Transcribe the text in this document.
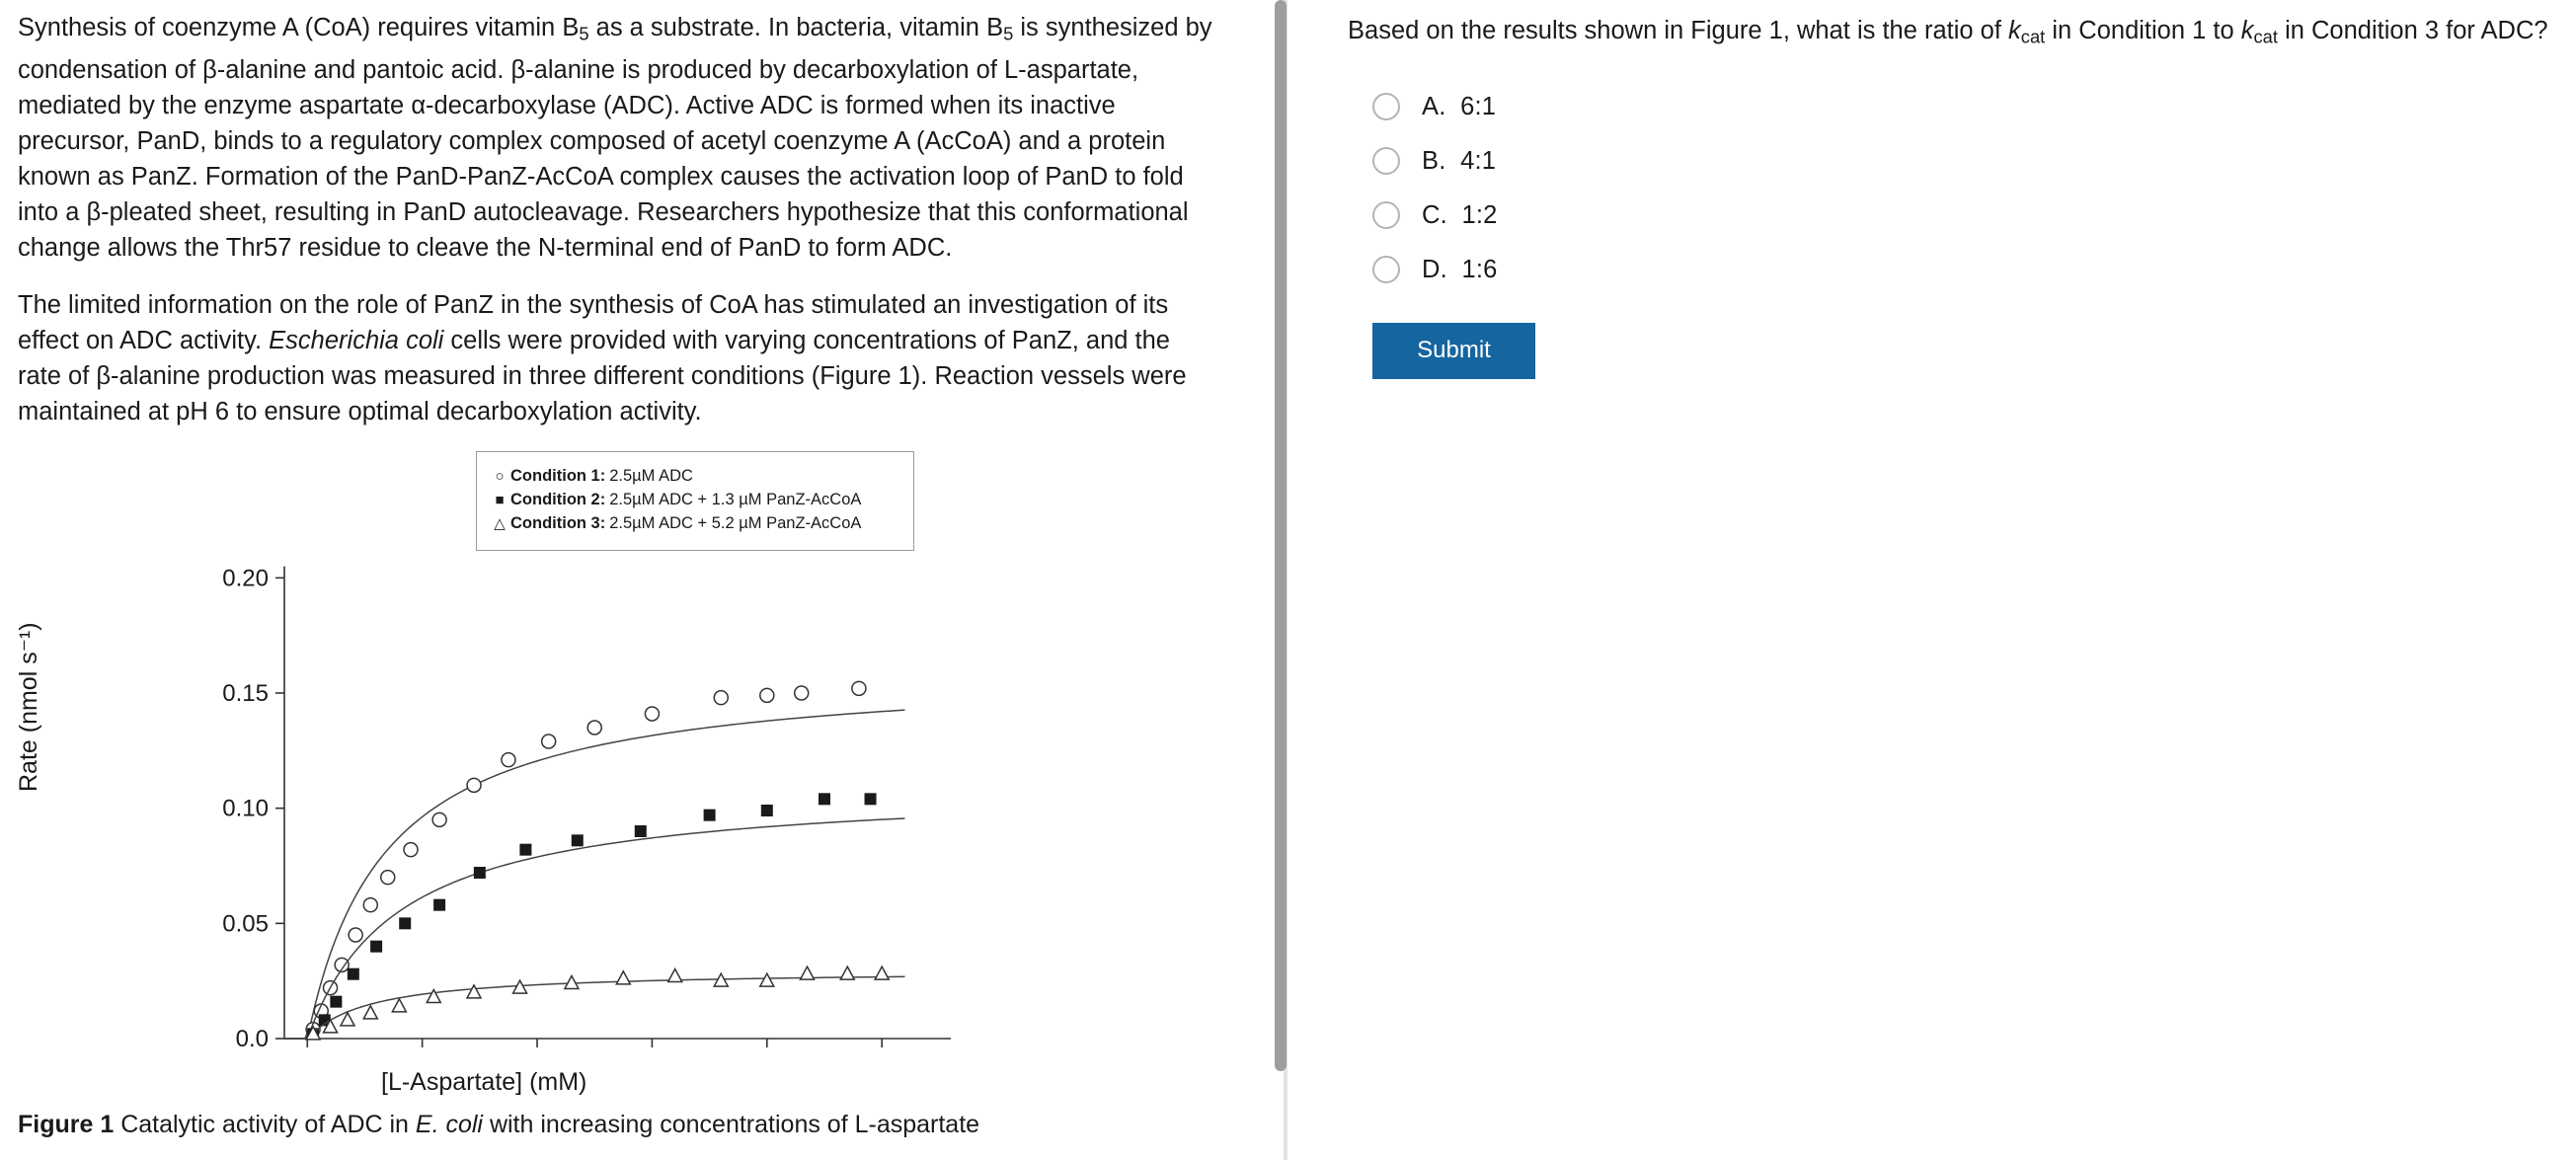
Synthesis of coenzyme A (CoA) requires vitamin $B_5$ as a substrate. In bacteria, vitamin $B_5$ is synthesized by condensation of β-alanine and pantoic acid. β-alanine is produced by decarboxylation of L-aspartate, mediated by the enzyme aspartate α-decarboxylase (ADC). Active ADC is formed when its inactive precursor, PanD, binds to a regulatory complex composed of acetyl coenzyme A (AcCoA) and a protein known as PanZ. Formation of the PanD-PanZ-AcCoA complex causes the activation loop of PanD to fold into a β-pleated sheet, resulting in PanD autocleavage. Researchers hypothesize that this conformational change allows the Thr57 residue to cleave the N-terminal end of PanD to form ADC.

The limited information on the role of PanZ in the synthesis of CoA has stimulated an investigation of its effect on ADC activity. Escherichia coli cells were provided with varying concentrations of PanZ, and the rate of β-alanine production was measured in three different conditions (Figure 1). Reaction vessels were maintained at pH 6 to ensure optimal decarboxylation activity.

○ Condition 1: 2.5µM ADC
■ Condition 2: 2.5µM ADC + 1.3 µM PanZ-AcCoA
△ Condition 3: 2.5µM ADC + 5.2 µM PanZ-AcCoA
0.0
0.05
0.10
0.15
0.20
Rate (nmol s⁻¹)
[L-Aspartate] (mM)
Figure 1 Catalytic activity of ADC in E. coli with increasing concentrations of L-aspartate
Based on the results shown in Figure 1, what is the ratio of $k_{cat}$ in Condition 1 to $k_{cat}$ in Condition 3 for ADC?
A. 6:1
B. 4:1
C. 1:2
D. 1:6
Submit
